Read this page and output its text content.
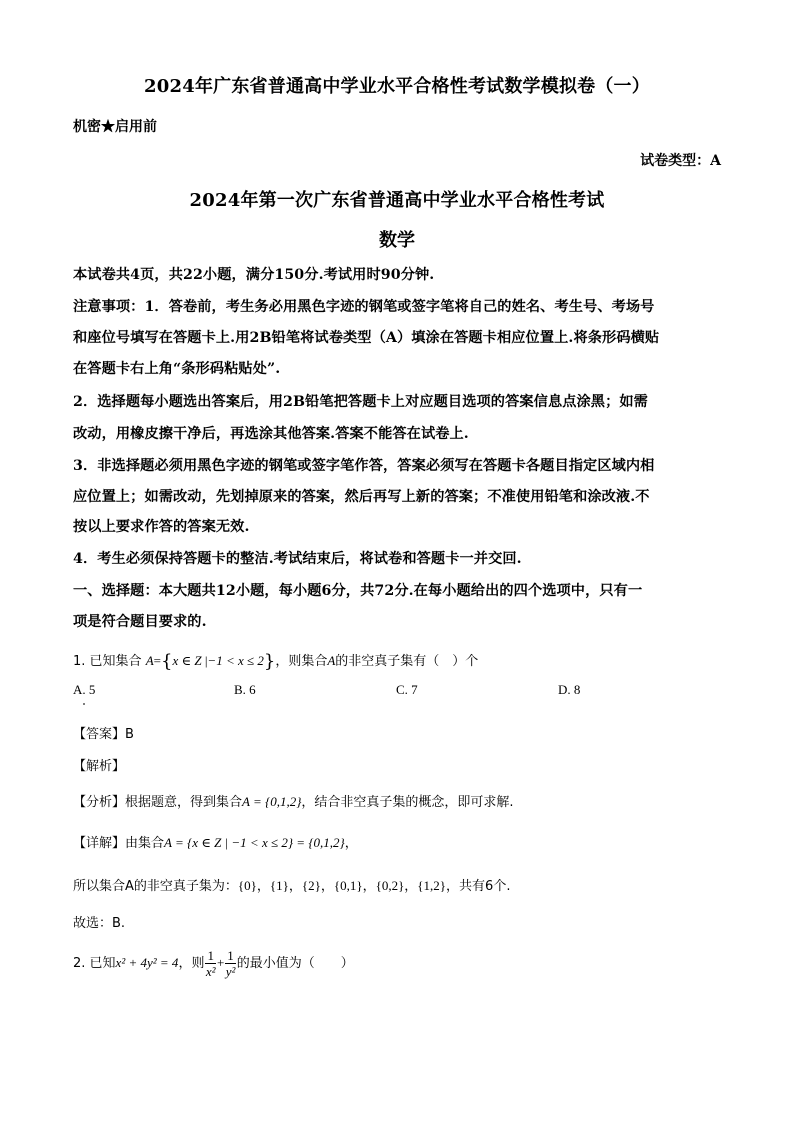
2024年广东省普通高中学业水平合格性考试数学模拟卷（一）
机密★启用前
试卷类型：A
2024年第一次广东省普通高中学业水平合格性考试
数学
本试卷共4页，共22小题，满分150分.考试用时90分钟.
注意事项：1．答卷前，考生务必用黑色字迹的钢笔或签字笔将自己的姓名、考生号、考场号
和座位号填写在答题卡上.用2B铅笔将试卷类型（A）填涂在答题卡相应位置上.将条形码横贴
在答题卡右上角“条形码粘贴处”.
2．选择题每小题选出答案后，用2B铅笔把答题卡上对应题目选项的答案信息点涂黑；如需
改动，用橡皮擦干净后，再选涂其他答案.答案不能答在试卷上.
3．非选择题必须用黑色字迹的钢笔或签字笔作答，答案必须写在答题卡各题目指定区域内相
应位置上；如需改动，先划掉原来的答案，然后再写上新的答案；不准使用铅笔和涂改液.不
按以上要求作答的答案无效.
4．考生必须保持答题卡的整洁.考试结束后，将试卷和答题卡一并交回.
一、选择题：本大题共12小题，每小题6分，共72分.在每小题给出的四个选项中，只有一
项是符合题目要求的.
1. 已知集合 A={x ∈ Z |−1 < x ≤ 2}，则集合A的非空真子集有（　）个
A. 5	B. 6	C. 7	D. 8
【答案】B
【解析】
【分析】根据题意，得到集合A = {0,1,2}，结合非空真子集的概念，即可求解.
【详解】由集合A = {x ∈ Z | −1 < x ≤ 2} = {0,1,2}，
所以集合A的非空真子集为：{0}，{1}，{2}，{0,1}，{0,2}，{1,2}，共有6个.
故选：B.
2. 已知x² + 4y² = 4，则 $\frac{1}{\text{x²}} + \frac{1}{\text{y²}}$ 的最小值为（　　）
